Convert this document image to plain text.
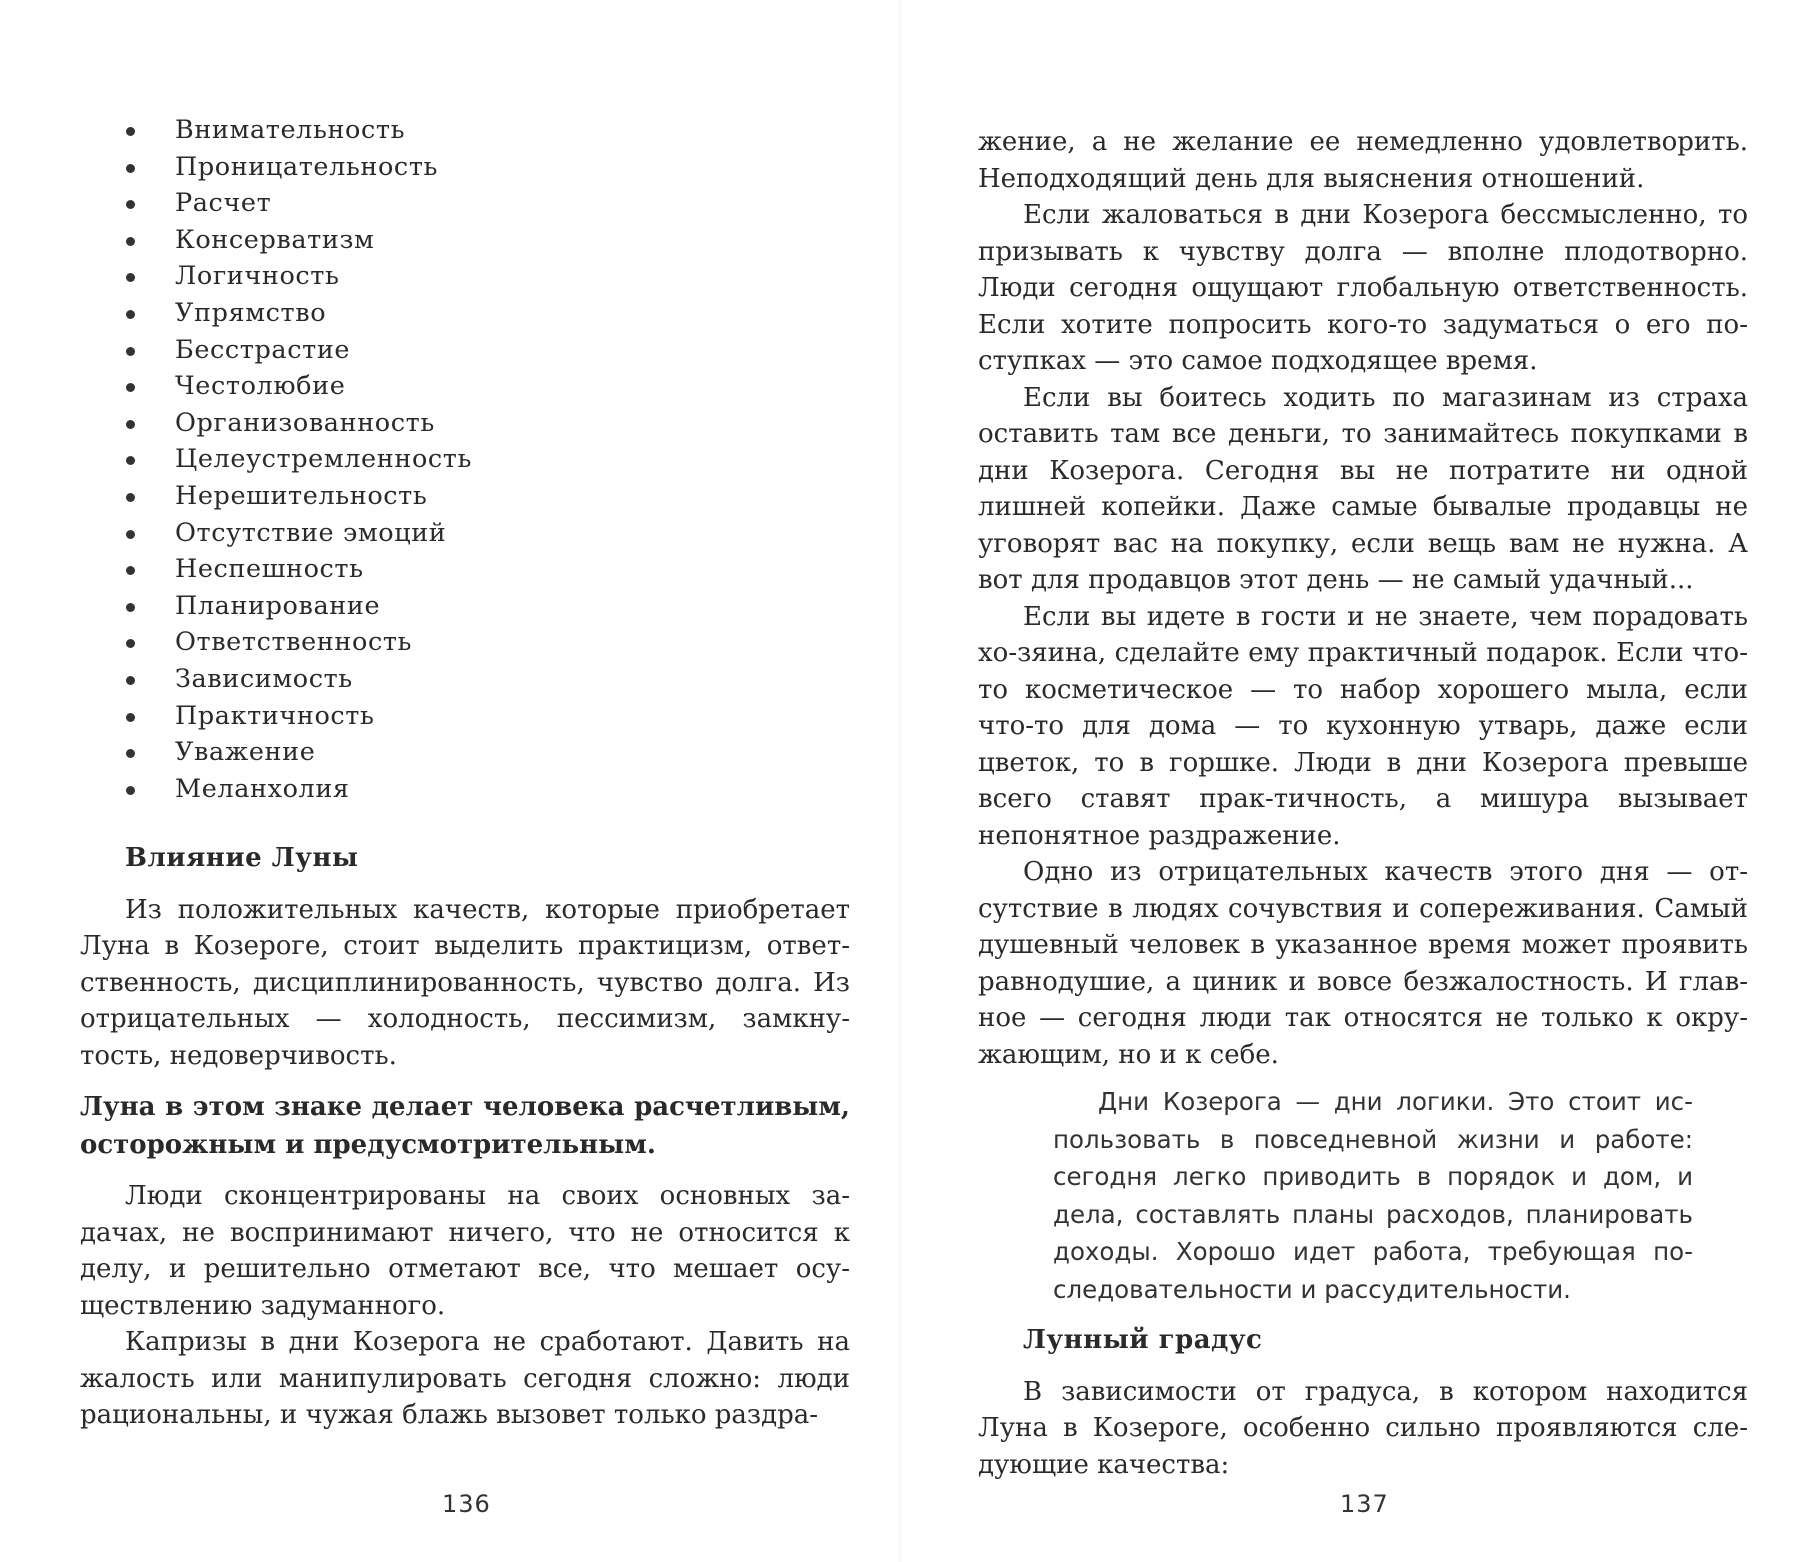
Внимательность
Проницательность
Расчет
Консерватизм
Логичность
Упрямство
Бесстрастие
Честолюбие
Организованность
Целеустремленность
Нерешительность
Отсутствие эмоций
Неспешность
Планирование
Ответственность
Зависимость
Практичность
Уважение
Меланхолия
Влияние Луны

Из положительных качеств, которые приобретает Луна в Козероге, стоит выделить практицизм, ответ-ственность, дисциплинированность, чувство долга. Из отрицательных — холодность, пессимизм, замкну-тость, недоверчивость.

Луна в этом знаке делает человека расчетливым, осторожным и предусмотрительным.

Люди сконцентрированы на своих основных за-дачах, не воспринимают ничего, что не относится к делу, и решительно отметают все, что мешает осу-ществлению задуманного.

Капризы в дни Козерога не сработают. Давить на жалость или манипулировать сегодня сложно: люди рациональны, и чужая блажь вызовет только раздра-

136

жение, а не желание ее немедленно удовлетворить. Неподходящий день для выяснения отношений.

Если жаловаться в дни Козерога бессмысленно, то призывать к чувству долга — вполне плодотворно. Люди сегодня ощущают глобальную ответственность. Если хотите попросить кого-то задуматься о его по-ступках — это самое подходящее время.

Если вы боитесь ходить по магазинам из страха оставить там все деньги, то занимайтесь покупками в дни Козерога. Сегодня вы не потратите ни одной лишней копейки. Даже самые бывалые продавцы не уговорят вас на покупку, если вещь вам не нужна. А вот для продавцов этот день — не самый удачный...

Если вы идете в гости и не знаете, чем порадовать хо-зяина, сделайте ему практичный подарок. Если что-то косметическое — то набор хорошего мыла, если что-то для дома — то кухонную утварь, даже если цветок, то в горшке. Люди в дни Козерога превыше всего ставят прак-тичность, а мишура вызывает непонятное раздражение.

Одно из отрицательных качеств этого дня — от-сутствие в людях сочувствия и сопереживания. Самый душевный человек в указанное время может проявить равнодушие, а циник и вовсе безжалостность. И глав-ное — сегодня люди так относятся не только к окру-жающим, но и к себе.

Дни Козерога — дни логики. Это стоит ис-пользовать в повседневной жизни и работе: сегодня легко приводить в порядок и дом, и дела, составлять планы расходов, планировать доходы. Хорошо идет работа, требующая по-следовательности и рассудительности.

Лунный градус

В зависимости от градуса, в котором находится Луна в Козероге, особенно сильно проявляются сле-дующие качества:

137
